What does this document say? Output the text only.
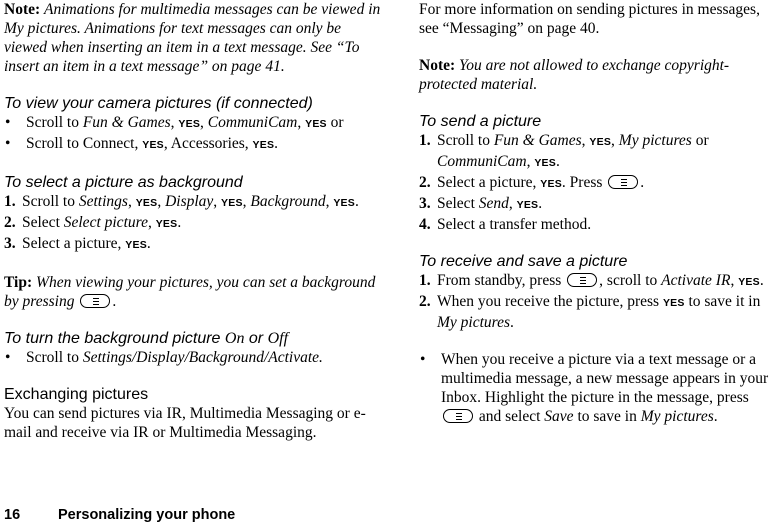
Note: Animations for multimedia messages can be viewed in My pictures. Animations for text messages can only be viewed when inserting an item in a text message. See “To insert an item in a text message” on page 41.

To view your camera pictures (if connected)

• Scroll to Fun & Games, YES, CommuniCam, YES or

• Scroll to Connect, YES, Accessories, YES.

To select a picture as background

1. Scroll to Settings, YES, Display, YES, Background, YES.

2. Select Select picture, YES.

3. Select a picture, YES.

Tip: When viewing your pictures, you can set a background by pressing .

To turn the background picture On or Off

• Scroll to Settings/Display/Background/Activate.

Exchanging pictures

You can send pictures via IR, Multimedia Messaging or e-mail and receive via IR or Multimedia Messaging.

For more information on sending pictures in messages, see “Messaging” on page 40.

Note: You are not allowed to exchange copyright-protected material.

To send a picture

1. Scroll to Fun & Games, YES, My pictures or CommuniCam, YES.

2. Select a picture, YES. Press .

3. Select Send, YES.

4. Select a transfer method.

To receive and save a picture

1. From standby, press , scroll to Activate IR, YES.

2. When you receive the picture, press YES to save it in My pictures.

• When you receive a picture via a text message or a multimedia message, a new message appears in your Inbox. Highlight the picture in the message, press  and select Save to save in My pictures.

16	Personalizing your phone
